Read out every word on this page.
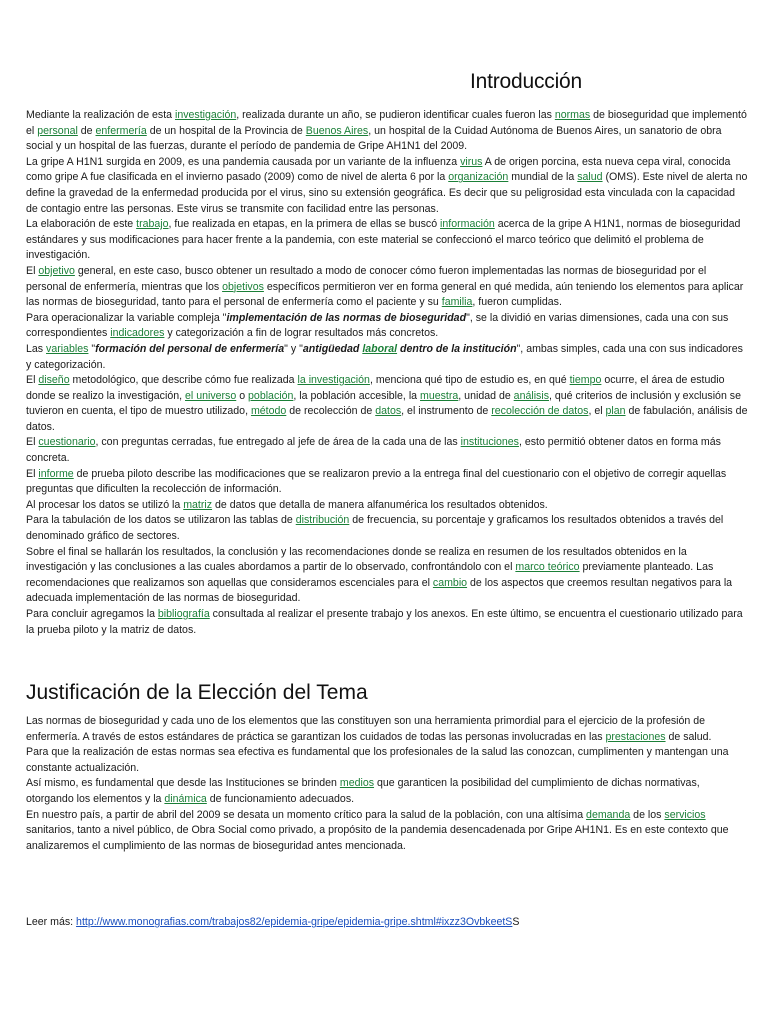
Introducción

Mediante la realización de esta investigación, realizada durante un año, se pudieron identificar cuales fueron las normas de bioseguridad que implementó el personal de enfermería de un hospital de la Provincia de Buenos Aires, un hospital de la Cuidad Autónoma de Buenos Aires, un sanatorio de obra social y un hospital de las fuerzas, durante el período de pandemia de Gripe AH1N1 del 2009.

La gripe A H1N1 surgida en 2009, es una pandemia causada por un variante de la influenza virus A de origen porcina, esta nueva cepa viral, conocida como gripe A fue clasificada en el invierno pasado (2009) como de nivel de alerta 6 por la organización mundial de la salud (OMS). Este nivel de alerta no define la gravedad de la enfermedad producida por el virus, sino su extensión geográfica. Es decir que su peligrosidad esta vinculada con la capacidad de contagio entre las personas. Este virus se transmite con facilidad entre las personas.

La elaboración de este trabajo, fue realizada en etapas, en la primera de ellas se buscó información acerca de la gripe A H1N1, normas de bioseguridad estándares y sus modificaciones para hacer frente a la pandemia, con este material se confeccionó el marco teórico que delimitó el problema de investigación.

El objetivo general, en este caso, busco obtener un resultado a modo de conocer cómo fueron implementadas las normas de bioseguridad por el personal de enfermería, mientras que los objetivos específicos permitieron ver en forma general en qué medida, aún teniendo los elementos para aplicar las normas de bioseguridad, tanto para el personal de enfermería como el paciente y su familia, fueron cumplidas.

Para operacionalizar la variable compleja "implementación de las normas de bioseguridad", se la dividió en varias dimensiones, cada una con sus correspondientes indicadores y categorización a fin de lograr resultados más concretos.

Las variables "formación del personal de enfermería" y "antigüedad laboral dentro de la institución", ambas simples, cada una con sus indicadores y categorización.

El diseño metodológico, que describe cómo fue realizada la investigación, menciona qué tipo de estudio es, en qué tiempo ocurre, el área de estudio donde se realizo la investigación, el universo o población, la población accesible, la muestra, unidad de análisis, qué criterios de inclusión y exclusión se tuvieron en cuenta, el tipo de muestro utilizado, método de recolección de datos, el instrumento de recolección de datos, el plan de fabulación, análisis de datos.

El cuestionario, con preguntas cerradas, fue entregado al jefe de área de la cada una de las instituciones, esto permitió obtener datos en forma más concreta.

El informe de prueba piloto describe las modificaciones que se realizaron previo a la entrega final del cuestionario con el objetivo de corregir aquellas preguntas que dificulten la recolección de información.

Al procesar los datos se utilizó la matriz de datos que detalla de manera alfanumérica los resultados obtenidos.

Para la tabulación de los datos se utilizaron las tablas de distribución de frecuencia, su porcentaje y graficamos los resultados obtenidos a través del denominado gráfico de sectores.

Sobre el final se hallarán los resultados, la conclusión y las recomendaciones donde se realiza en resumen de los resultados obtenidos en la investigación y las conclusiones a las cuales abordamos a partir de lo observado, confrontándolo con el marco teórico previamente planteado. Las recomendaciones que realizamos son aquellas que consideramos escenciales para el cambio de los aspectos que creemos resultan negativos para la adecuada implementación de las normas de bioseguridad.

Para concluir agregamos la bibliografía consultada al realizar el presente trabajo y los anexos. En este último, se encuentra el cuestionario utilizado para la prueba piloto y la matriz de datos.

Justificación de la Elección del Tema

Las normas de bioseguridad y cada uno de los elementos que las constituyen son una herramienta primordial para el ejercicio de la profesión de enfermería. A través de estos estándares de práctica se garantizan los cuidados de todas las personas involucradas en las prestaciones de salud.

Para que la realización de estas normas sea efectiva es fundamental que los profesionales de la salud las conozcan, cumplimenten y mantengan una constante actualización.

Así mismo, es fundamental que desde las Instituciones se brinden medios que garanticen la posibilidad del cumplimiento de dichas normativas, otorgando los elementos y la dinámica de funcionamiento adecuados.

En nuestro país, a partir de abril del 2009 se desata un momento crítico para la salud de la población, con una altísima demanda de los servicios sanitarios, tanto a nivel público, de Obra Social como privado, a propósito de la pandemia desencadenada por Gripe AH1N1. Es en este contexto que analizaremos el cumplimiento de las normas de bioseguridad antes mencionada.

Leer más: http://www.monografias.com/trabajos82/epidemia-gripe/epidemia-gripe.shtml#ixzz3OvbkeetSS
